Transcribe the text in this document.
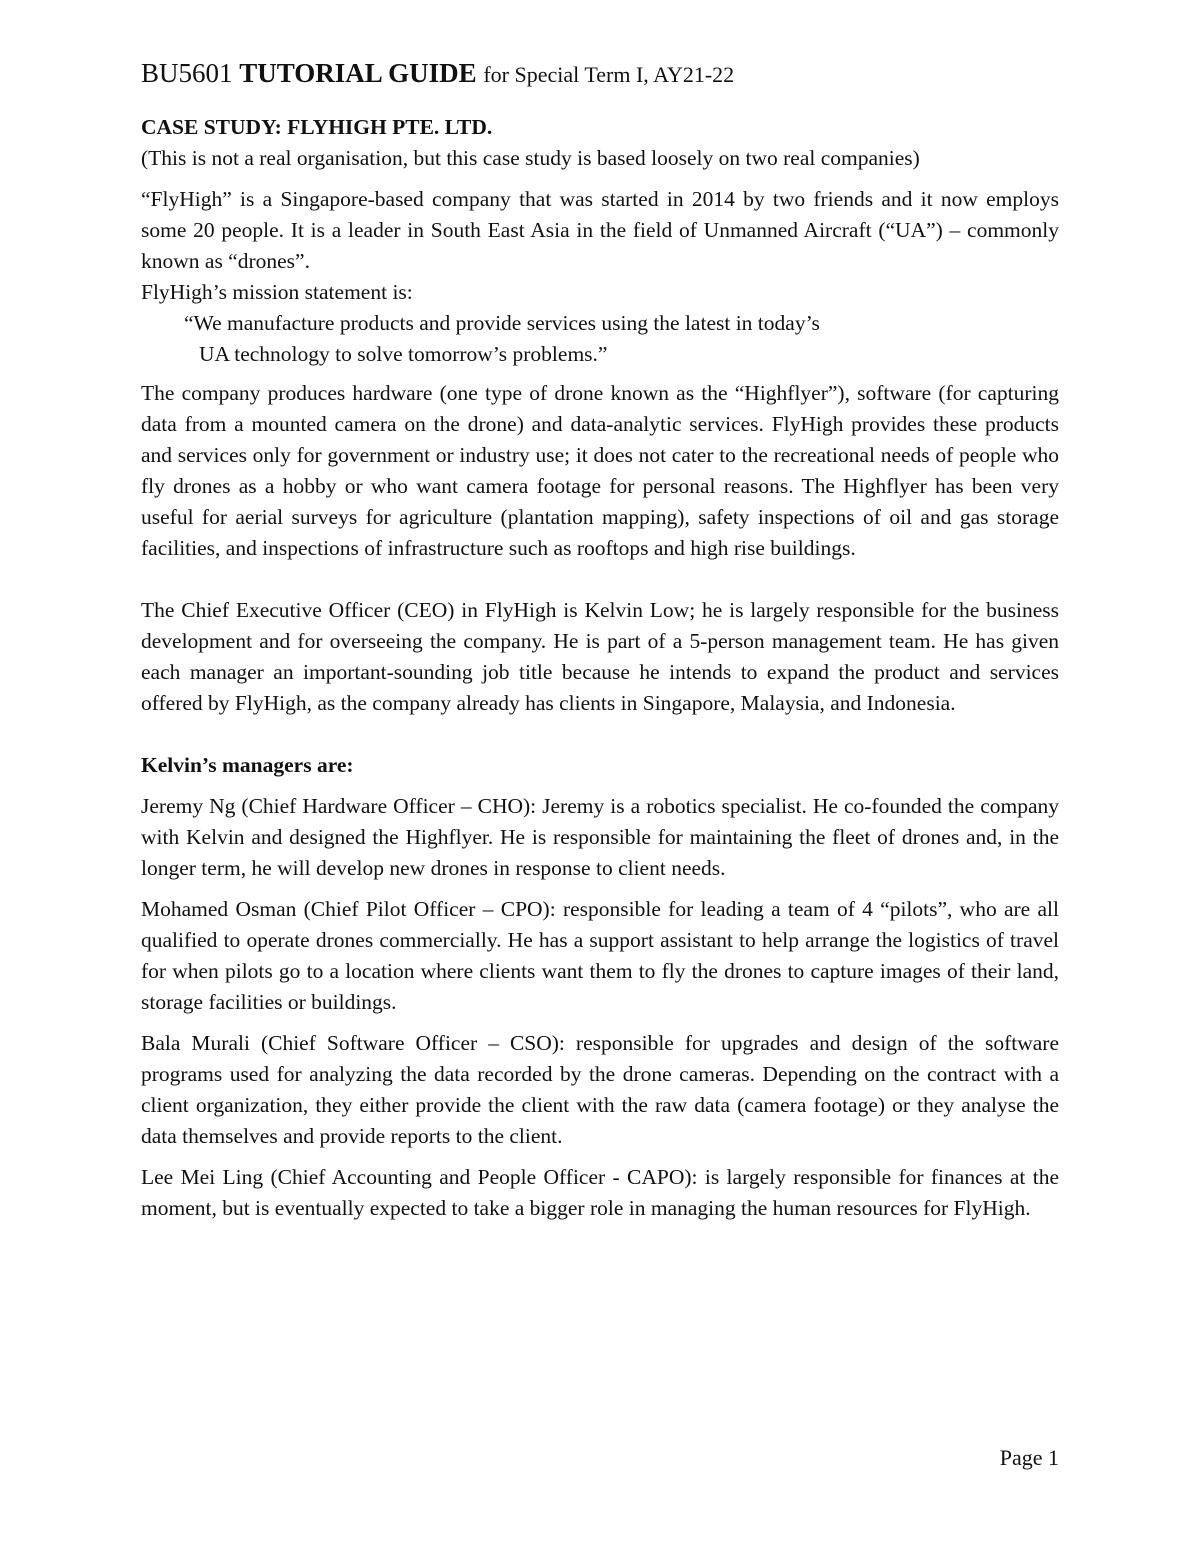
BU5601 TUTORIAL GUIDE for Special Term I, AY21-22

CASE STUDY: FLYHIGH PTE. LTD.

(This is not a real organisation, but this case study is based loosely on two real companies)

“FlyHigh” is a Singapore-based company that was started in 2014 by two friends and it now employs some 20 people. It is a leader in South East Asia in the field of Unmanned Aircraft (“UA”) – commonly known as “drones”.

FlyHigh’s mission statement is:

“We manufacture products and provide services using the latest in today’s
UA technology to solve tomorrow’s problems.”

The company produces hardware (one type of drone known as the “Highflyer”), software (for capturing data from a mounted camera on the drone) and data-analytic services. FlyHigh provides these products and services only for government or industry use; it does not cater to the recreational needs of people who fly drones as a hobby or who want camera footage for personal reasons. The Highflyer has been very useful for aerial surveys for agriculture (plantation mapping), safety inspections of oil and gas storage facilities, and inspections of infrastructure such as rooftops and high rise buildings.

The Chief Executive Officer (CEO) in FlyHigh is Kelvin Low; he is largely responsible for the business development and for overseeing the company. He is part of a 5-person management team. He has given each manager an important-sounding job title because he intends to expand the product and services offered by FlyHigh, as the company already has clients in Singapore, Malaysia, and Indonesia.

Kelvin’s managers are:

Jeremy Ng (Chief Hardware Officer – CHO): Jeremy is a robotics specialist. He co-founded the company with Kelvin and designed the Highflyer. He is responsible for maintaining the fleet of drones and, in the longer term, he will develop new drones in response to client needs.

Mohamed Osman (Chief Pilot Officer – CPO): responsible for leading a team of 4 “pilots”, who are all qualified to operate drones commercially. He has a support assistant to help arrange the logistics of travel for when pilots go to a location where clients want them to fly the drones to capture images of their land, storage facilities or buildings.

Bala Murali (Chief Software Officer – CSO): responsible for upgrades and design of the software programs used for analyzing the data recorded by the drone cameras. Depending on the contract with a client organization, they either provide the client with the raw data (camera footage) or they analyse the data themselves and provide reports to the client.

Lee Mei Ling (Chief Accounting and People Officer - CAPO): is largely responsible for finances at the moment, but is eventually expected to take a bigger role in managing the human resources for FlyHigh.

Page 1
